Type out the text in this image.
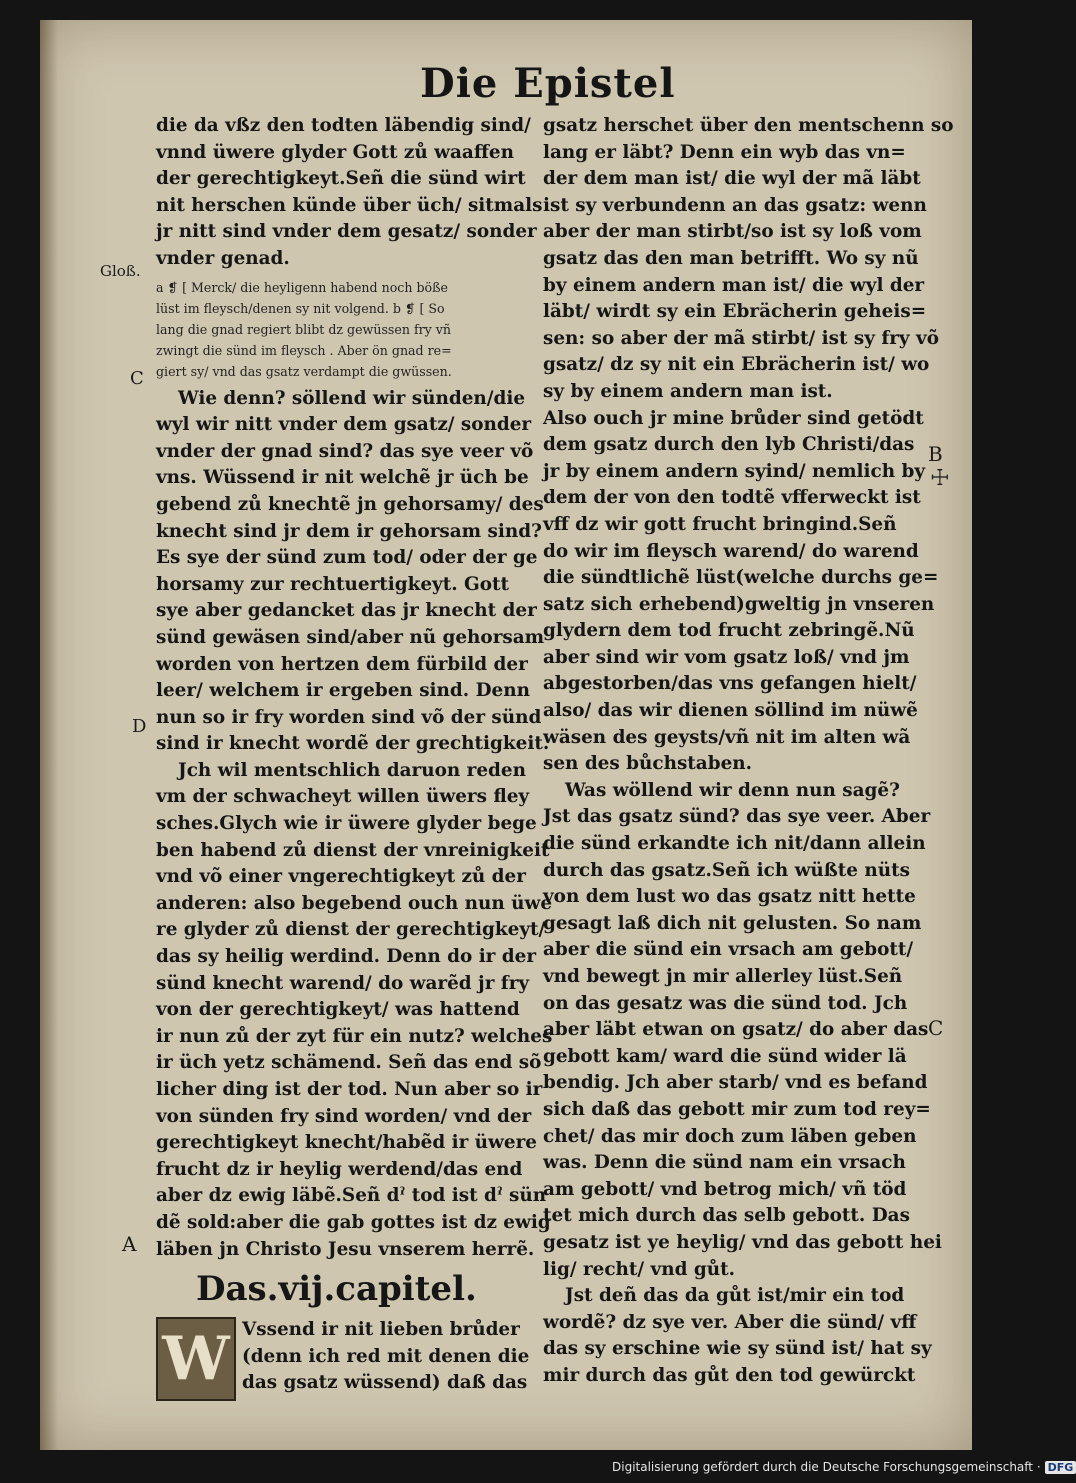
Die Epistel
Gloß.
C
D
A
B
☩
C
die da vßz den todten läbendig sind/
vnnd üwere glyder Gott zů waaffen
der gerechtigkeyt.Señ die sünd wirt
nit herschen künde über üch/ sitmals
jr nitt sind vnder dem gesatz/ sonder
vnder genad.
a ❡ [ Merck/ die heyligenn habend noch böße
lüst im fleysch/denen sy nit volgend. b ❡ [ So
lang die gnad regiert blibt dz gewüssen fry vñ
zwingt die sünd im fleysch . Aber ön gnad re=
giert sy/ vnd das gsatz verdampt die gwüssen.
Wie denn? söllend wir sünden/die
wyl wir nitt vnder dem gsatz/ sonder
vnder der gnad sind? das sye veer võ
vns. Wüssend ir nit welchẽ jr üch be
gebend zů knechtẽ jn gehorsamy/ des
knecht sind jr dem ir gehorsam sind?
Es sye der sünd zum tod/ oder der ge
horsamy zur rechtuertigkeyt. Gott
sye aber gedancket das jr knecht der
sünd gewäsen sind/aber nũ gehorsam
worden von hertzen dem fürbild der
leer/ welchem ir ergeben sind. Denn
nun so ir fry worden sind võ der sünd
sind ir knecht wordẽ der grechtigkeit.
Jch wil mentschlich daruon reden
vm der schwacheyt willen üwers fley
sches.Glych wie ir üwere glyder bege
ben habend zů dienst der vnreinigkeit
vnd võ einer vngerechtigkeyt zů der
anderen: also begebend ouch nun üwe
re glyder zů dienst der gerechtigkeyt/
das sy heilig werdind. Denn do ir der
sünd knecht warend/ do warẽd jr fry
von der gerechtigkeyt/ was hattend
ir nun zů der zyt für ein nutz? welches
ir üch yetz schämend. Señ das end sõ
licher ding ist der tod. Nun aber so ir
von sünden fry sind worden/ vnd der
gerechtigkeyt knecht/habẽd ir üwere
frucht dz ir heylig werdend/das end
aber dz ewig läbẽ.Señ dˀ tod ist dˀ sün
dẽ sold:aber die gab gottes ist dz ewig
läben jn Christo Jesu vnserem herrẽ.
Das.vij.capitel.
W Vssend ir nit lieben brůder
(denn ich red mit denen die
das gsatz wüssend) daß das
gsatz herschet über den mentschenn so
lang er läbt? Denn ein wyb das vn=
der dem man ist/ die wyl der mã läbt
ist sy verbundenn an das gsatz: wenn
aber der man stirbt/so ist sy loß vom
gsatz das den man betrifft. Wo sy nũ
by einem andern man ist/ die wyl der
läbt/ wirdt sy ein Ebrächerin geheis=
sen: so aber der mã stirbt/ ist sy fry võ
gsatz/ dz sy nit ein Ebrächerin ist/ wo
sy by einem andern man ist.
Also ouch jr mine brůder sind getödt
dem gsatz durch den lyb Christi/das
jr by einem andern syind/ nemlich by
dem der von den todtẽ vfferweckt ist
vff dz wir gott frucht bringind.Señ
do wir im fleysch warend/ do warend
die sündtlichẽ lüst(welche durchs ge=
satz sich erhebend)gweltig jn vnseren
glydern dem tod frucht zebringẽ.Nũ
aber sind wir vom gsatz loß/ vnd jm
abgestorben/das vns gefangen hielt/
also/ das wir dienen söllind im nüwẽ
wäsen des geysts/vñ nit im alten wã
sen des bůchstaben.
Was wöllend wir denn nun sagẽ?
Jst das gsatz sünd? das sye veer. Aber
die sünd erkandte ich nit/dann allein
durch das gsatz.Señ ich wüßte nüts
von dem lust wo das gsatz nitt hette
gesagt laß dich nit gelusten. So nam
aber die sünd ein vrsach am gebott/
vnd bewegt jn mir allerley lüst.Señ
on das gesatz was die sünd tod. Jch
aber läbt etwan on gsatz/ do aber das
gebott kam/ ward die sünd wider lä
bendig. Jch aber starb/ vnd es befand
sich daß das gebott mir zum tod rey=
chet/ das mir doch zum läben geben
was. Denn die sünd nam ein vrsach
am gebott/ vnd betrog mich/ vñ töd
tet mich durch das selb gebott. Das
gesatz ist ye heylig/ vnd das gebott hei
lig/ recht/ vnd gůt.
Jst deñ das da gůt ist/mir ein tod
wordẽ? dz sye ver. Aber die sünd/ vff
das sy erschine wie sy sünd ist/ hat sy
mir durch das gůt den tod gewürckt
Digitalisierung gefördert durch die Deutsche Forschungsgemeinschaft · DFG
